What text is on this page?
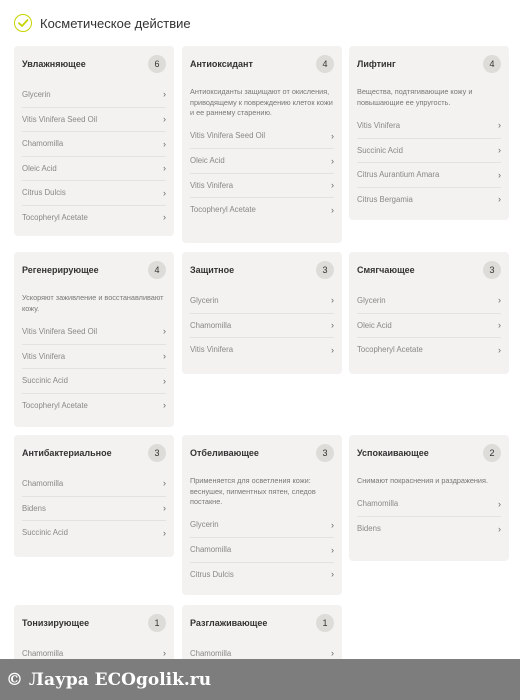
Косметическое действие
Увлажняющее	6
Glycerin	›
Vitis Vinifera Seed Oil	›
Chamomilla	›
Oleic Acid	›
Citrus Dulcis	›
Tocopheryl Acetate	›
Антиоксидант	4
Антиоксиданты защищают от окисления, приводящему к повреждению клеток кожи и ее раннему старению.
Vitis Vinifera Seed Oil	›
Oleic Acid	›
Vitis Vinifera	›
Tocopheryl Acetate	›
Лифтинг	4
Вещества, подтягивающие кожу и повышающие ее упругость.
Vitis Vinifera	›
Succinic Acid	›
Citrus Aurantium Amara	›
Citrus Bergamia	›
Регенерирующее	4
Ускоряют заживление и восстанавливают кожу.
Vitis Vinifera Seed Oil	›
Vitis Vinifera	›
Succinic Acid	›
Tocopheryl Acetate	›
Защитное	3
Glycerin	›
Chamomilla	›
Vitis Vinifera	›
Смягчающее	3
Glycerin	›
Oleic Acid	›
Tocopheryl Acetate	›
Антибактериальное	3
Chamomilla	›
Bidens	›
Succinic Acid	›
Отбеливающее	3
Применяется для осветления кожи: веснушек, пигментных пятен, следов постакне.
Glycerin	›
Chamomilla	›
Citrus Dulcis	›
Успокаивающее	2
Снимают покраснения и раздражения.
Chamomilla	›
Bidens	›
Тонизирующее	1
Chamomilla	›
Разглаживающее	1
Chamomilla	›
© Лаура ECOgolik.ru
